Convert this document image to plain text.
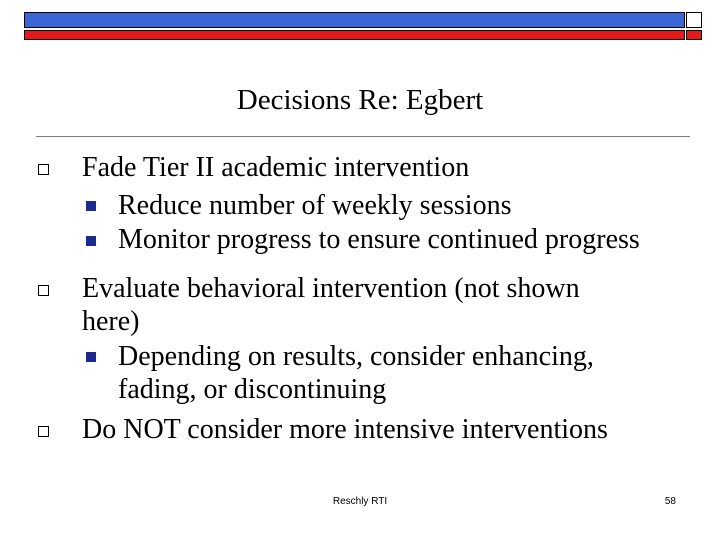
Decisions Re: Egbert
Fade Tier II academic intervention
Reduce number of weekly sessions
Monitor progress to ensure continued progress
Evaluate behavioral intervention (not shown
here)
Depending on results, consider enhancing,
fading, or discontinuing
Do NOT consider more intensive interventions
Reschly RTI	58
